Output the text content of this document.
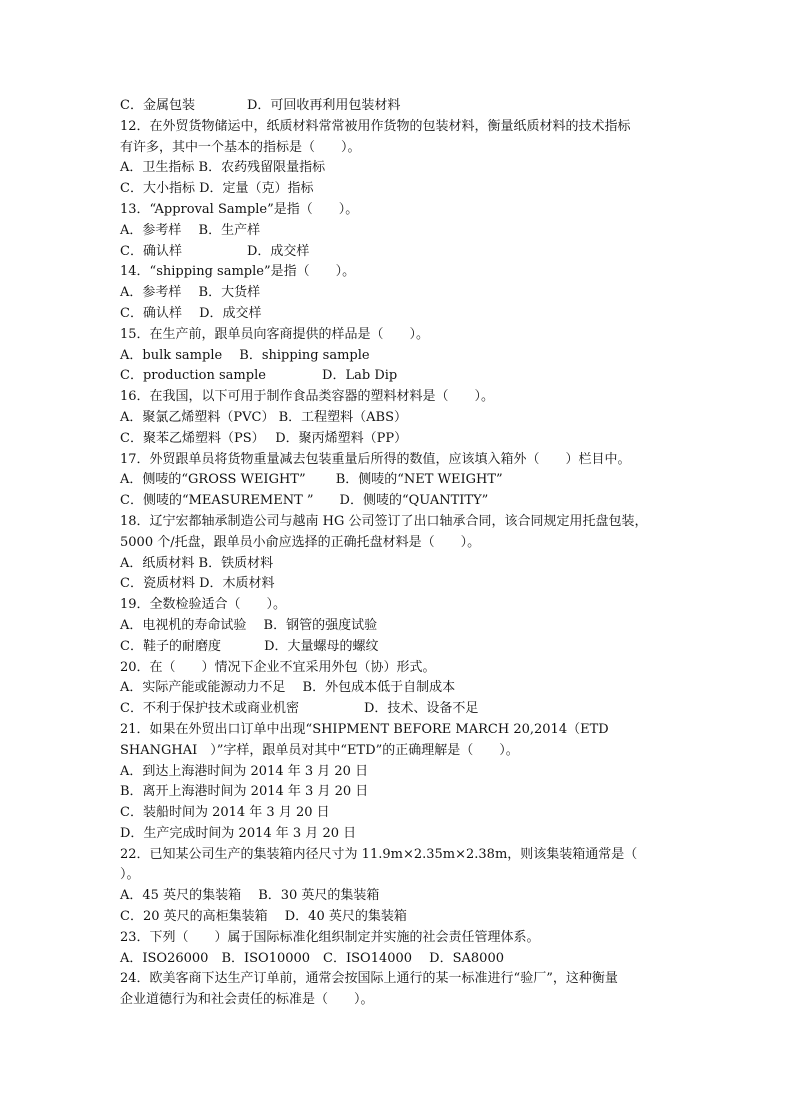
C．金属包装　　　　D．可回收再利用包装材料
12．在外贸货物储运中，纸质材料常常被用作货物的包装材料，衡量纸质材料的技术指标
有许多，其中一个基本的指标是（　　）。
A．卫生指标 B．农药残留限量指标
C．大小指标 D．定量（克）指标
13．“Approval Sample”是指（　　）。
A．参考样　 B．生产样
C．确认样　　　　　D．成交样
14．“shipping sample”是指（　　）。
A．参考样　 B．大货样
C．确认样　 D．成交样
15．在生产前，跟单员向客商提供的样品是（　　）。
A．bulk sample　 B．shipping sample
C．production sample　　　　 D．Lab Dip
16．在我国，以下可用于制作食品类容器的塑料材料是（　　）。
A．聚氯乙烯塑料（PVC） B．工程塑料（ABS）
C．聚苯乙烯塑料（PS）　 D．聚丙烯塑料（PP）
17．外贸跟单员将货物重量减去包装重量后所得的数值，应该填入箱外（　　）栏目中。
A．侧唛的“GROSS WEIGHT”　　 B．侧唛的“NET WEIGHT”
C．侧唛的“MEASUREMENT ”　　D．侧唛的“QUANTITY”
18．辽宁宏都轴承制造公司与越南 HG 公司签订了出口轴承合同，该合同规定用托盘包装，
5000 个/托盘，跟单员小俞应选择的正确托盘材料是（　　）。
A．纸质材料 B．铁质材料
C．瓷质材料 D．木质材料
19．全数检验适合（　　）。
A．电视机的寿命试验　 B．钢管的强度试验
C．鞋子的耐磨度　　　 D．大量螺母的螺纹
20．在（　　）情况下企业不宜采用外包（协）形式。
A．实际产能或能源动力不足　 B．外包成本低于自制成本
C．不利于保护技术或商业机密　　　　　D．技术、设备不足
21．如果在外贸出口订单中出现“SHIPMENT BEFORE MARCH 20,2014（ETD
SHANGHAI　）”字样，跟单员对其中“ETD”的正确理解是（　　）。
A．到达上海港时间为 2014 年 3 月 20 日
B．离开上海港时间为 2014 年 3 月 20 日
C．装船时间为 2014 年 3 月 20 日
D．生产完成时间为 2014 年 3 月 20 日
22．已知某公司生产的集装箱内径尺寸为 11.9m×2.35m×2.38m，则该集装箱通常是（
）。
A．45 英尺的集装箱　 B．30 英尺的集装箱
C．20 英尺的高柜集装箱　 D．40 英尺的集装箱
23．下列（　　）属于国际标准化组织制定并实施的社会责任管理体系。
A．ISO26000　B．ISO10000　C．ISO14000　 D．SA8000
24．欧美客商下达生产订单前，通常会按国际上通行的某一标准进行“验厂”，这种衡量
企业道德行为和社会责任的标准是（　　）。
